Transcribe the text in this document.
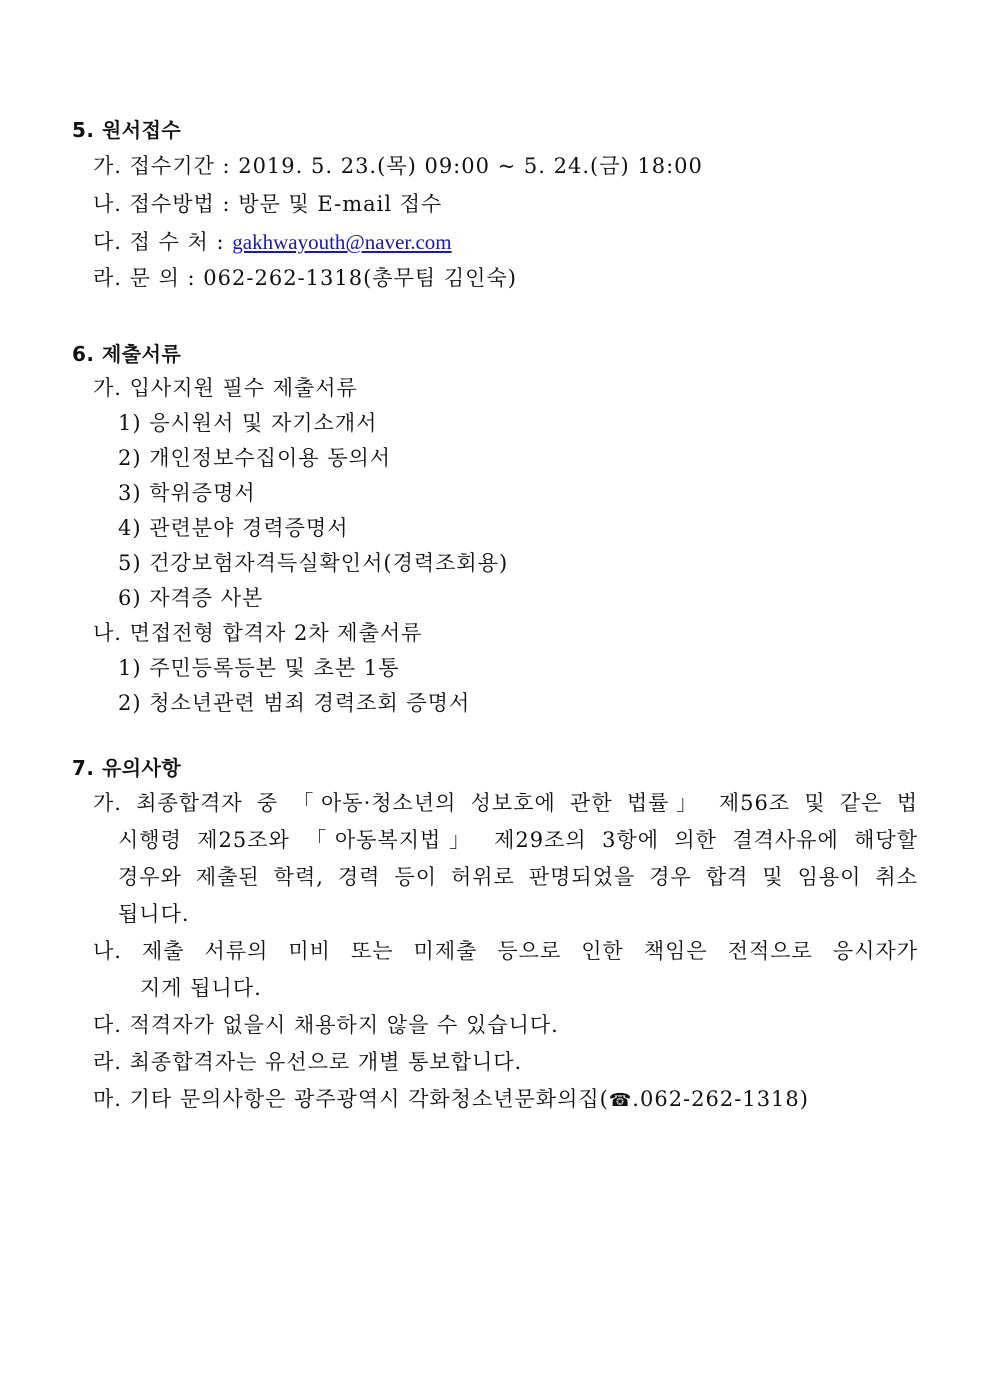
5. 원서접수
가. 접수기간 : 2019. 5. 23.(목) 09:00 ~ 5. 24.(금) 18:00
나. 접수방법 : 방문 및 E-mail 접수
다. 접 수 처 : gakhwayouth@naver.com
라. 문 의 : 062-262-1318(총무팀 김인숙)
6. 제출서류
가. 입사지원 필수 제출서류
1) 응시원서 및 자기소개서
2) 개인정보수집이용 동의서
3) 학위증명서
4) 관련분야 경력증명서
5) 건강보험자격득실확인서(경력조회용)
6) 자격증 사본
나. 면접전형 합격자 2차 제출서류
1) 주민등록등본 및 초본 1통
2) 청소년관련 범죄 경력조회 증명서
7. 유의사항
가. 최종합격자 중 「아동·청소년의 성보호에 관한 법률」 제56조 및 같은 법
시행령 제25조와 「아동복지법」 제29조의 3항에 의한 결격사유에 해당할
경우와 제출된 학력, 경력 등이 허위로 판명되었을 경우 합격 및 임용이 취소
됩니다.
나. 제출 서류의 미비 또는 미제출 등으로 인한 책임은 전적으로 응시자가
지게 됩니다.
다. 적격자가 없을시 채용하지 않을 수 있습니다.
라. 최종합격자는 유선으로 개별 통보합니다.
마. 기타 문의사항은 광주광역시 각화청소년문화의집(☎.062-262-1318)
